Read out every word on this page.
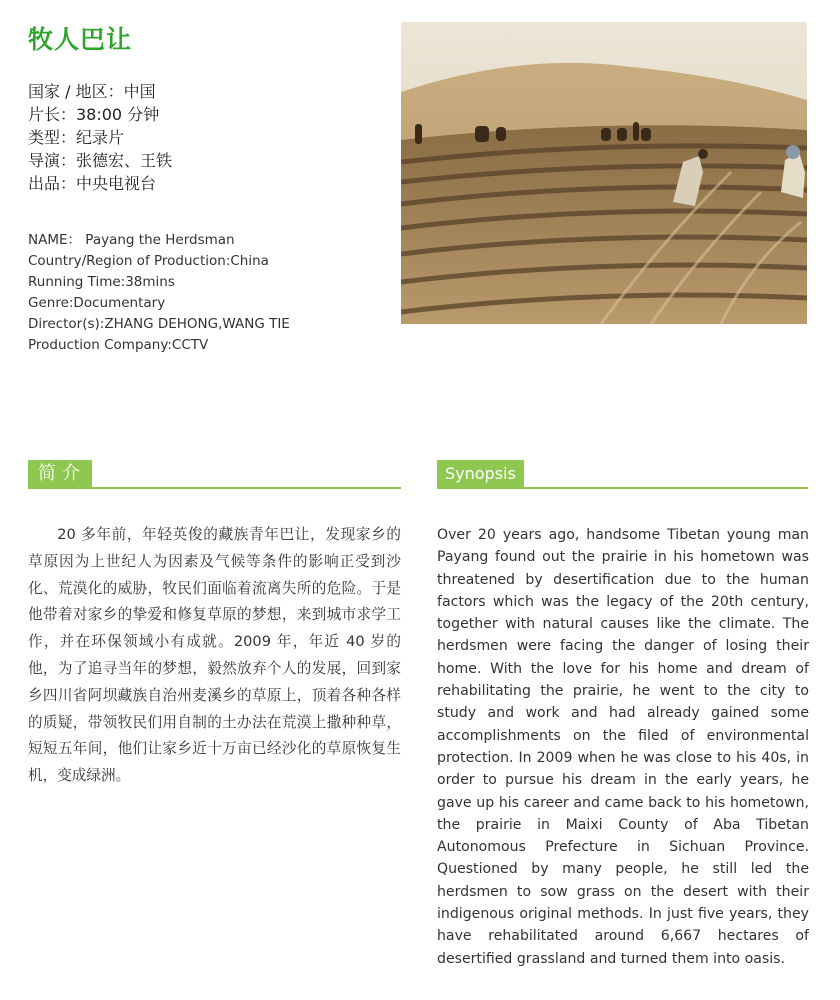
牧人巴让
国家 / 地区：中国
片长：38:00 分钟
类型：纪录片
导演：张德宏、王铁
出品：中央电视台
NAME： Payang the Herdsman
Country/Region of Production:China
Running Time:38mins
Genre:Documentary
Director(s):ZHANG DEHONG,WANG TIE
Production Company:CCTV
简介	Synopsis

20 多年前，年轻英俊的藏族青年巴让，发现家乡的草原因为上世纪人为因素及气候等条件的影响正受到沙化、荒漠化的威胁，牧民们面临着流离失所的危险。于是他带着对家乡的挚爱和修复草原的梦想，来到城市求学工作，并在环保领域小有成就。2009 年，年近 40 岁的他，为了追寻当年的梦想，毅然放弃个人的发展，回到家乡四川省阿坝藏族自治州麦溪乡的草原上，顶着各种各样的质疑，带领牧民们用自制的土办法在荒漠上撒种种草，短短五年间，他们让家乡近十万亩已经沙化的草原恢复生机，变成绿洲。

Over 20 years ago, handsome Tibetan young man Payang found out the prairie in his hometown was threatened by desertification due to the human factors which was the legacy of the 20th century, together with natural causes like the climate. The herdsmen were facing the danger of losing their home. With the love for his home and dream of rehabilitating the prairie, he went to the city to study and work and had already gained some accomplishments on the filed of environmental protection. In 2009 when he was close to his 40s, in order to pursue his dream in the early years, he gave up his career and came back to his hometown, the prairie in Maixi County of Aba Tibetan Autonomous Prefecture in Sichuan Province. Questioned by many people, he still led the herdsmen to sow grass on the desert with their indigenous original methods. In just five years, they have rehabilitated around 6,667 hectares of desertified grassland and turned them into oasis.
